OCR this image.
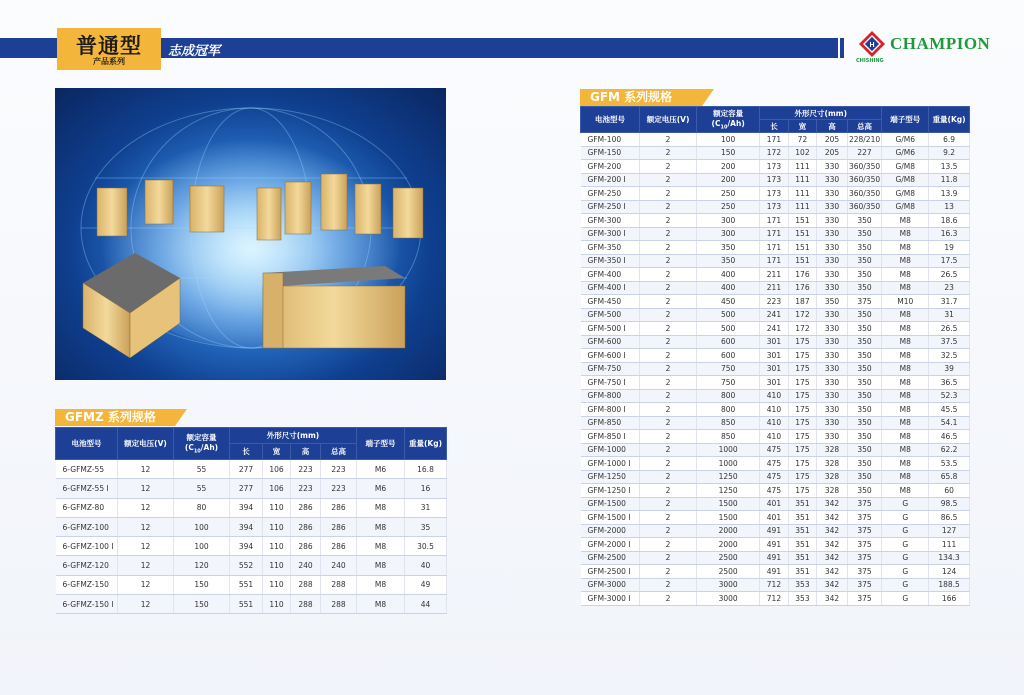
普通型
产品系列
志成冠军	H CHAMPION
CHISHING
GFMZ 系列规格
电池型号	额定电压(V)	额定容量
$(C_{10}/Ah)$	外形尺寸(mm)				端子型号	重量(Kg)
			长	宽	高	总高		
6-GFMZ-55	12	55	277	106	223	223	M6	16.8
6-GFMZ-55 I	12	55	277	106	223	223	M6	16
6-GFMZ-80	12	80	394	110	286	286	M8	31
6-GFMZ-100	12	100	394	110	286	286	M8	35
6-GFMZ-100 I	12	100	394	110	286	286	M8	30.5
6-GFMZ-120	12	120	552	110	240	240	M8	40
6-GFMZ-150	12	150	551	110	288	288	M8	49
6-GFMZ-150 I	12	150	551	110	288	288	M8	44
GFM 系列规格
电池型号	额定电压(V)	额定容量
$(C_{10}/Ah)$	外形尺寸(mm)				端子型号	重量(Kg)
			长	宽	高	总高		
GFM-100	2	100	171	72	205	228/210	G/M6	6.9
GFM-150	2	150	172	102	205	227	G/M6	9.2
GFM-200	2	200	173	111	330	360/350	G/M8	13.5
GFM-200 I	2	200	173	111	330	360/350	G/M8	11.8
GFM-250	2	250	173	111	330	360/350	G/M8	13.9
GFM-250 I	2	250	173	111	330	360/350	G/M8	13
GFM-300	2	300	171	151	330	350	M8	18.6
GFM-300 I	2	300	171	151	330	350	M8	16.3
GFM-350	2	350	171	151	330	350	M8	19
GFM-350 I	2	350	171	151	330	350	M8	17.5
GFM-400	2	400	211	176	330	350	M8	26.5
GFM-400 I	2	400	211	176	330	350	M8	23
GFM-450	2	450	223	187	350	375	M10	31.7
GFM-500	2	500	241	172	330	350	M8	31
GFM-500 I	2	500	241	172	330	350	M8	26.5
GFM-600	2	600	301	175	330	350	M8	37.5
GFM-600 I	2	600	301	175	330	350	M8	32.5
GFM-750	2	750	301	175	330	350	M8	39
GFM-750 I	2	750	301	175	330	350	M8	36.5
GFM-800	2	800	410	175	330	350	M8	52.3
GFM-800 I	2	800	410	175	330	350	M8	45.5
GFM-850	2	850	410	175	330	350	M8	54.1
GFM-850 I	2	850	410	175	330	350	M8	46.5
GFM-1000	2	1000	475	175	328	350	M8	62.2
GFM-1000 I	2	1000	475	175	328	350	M8	53.5
GFM-1250	2	1250	475	175	328	350	M8	65.8
GFM-1250 I	2	1250	475	175	328	350	M8	60
GFM-1500	2	1500	401	351	342	375	G	98.5
GFM-1500 I	2	1500	401	351	342	375	G	86.5
GFM-2000	2	2000	491	351	342	375	G	127
GFM-2000 I	2	2000	491	351	342	375	G	111
GFM-2500	2	2500	491	351	342	375	G	134.3
GFM-2500 I	2	2500	491	351	342	375	G	124
GFM-3000	2	3000	712	353	342	375	G	188.5
GFM-3000 I	2	3000	712	353	342	375	G	166
